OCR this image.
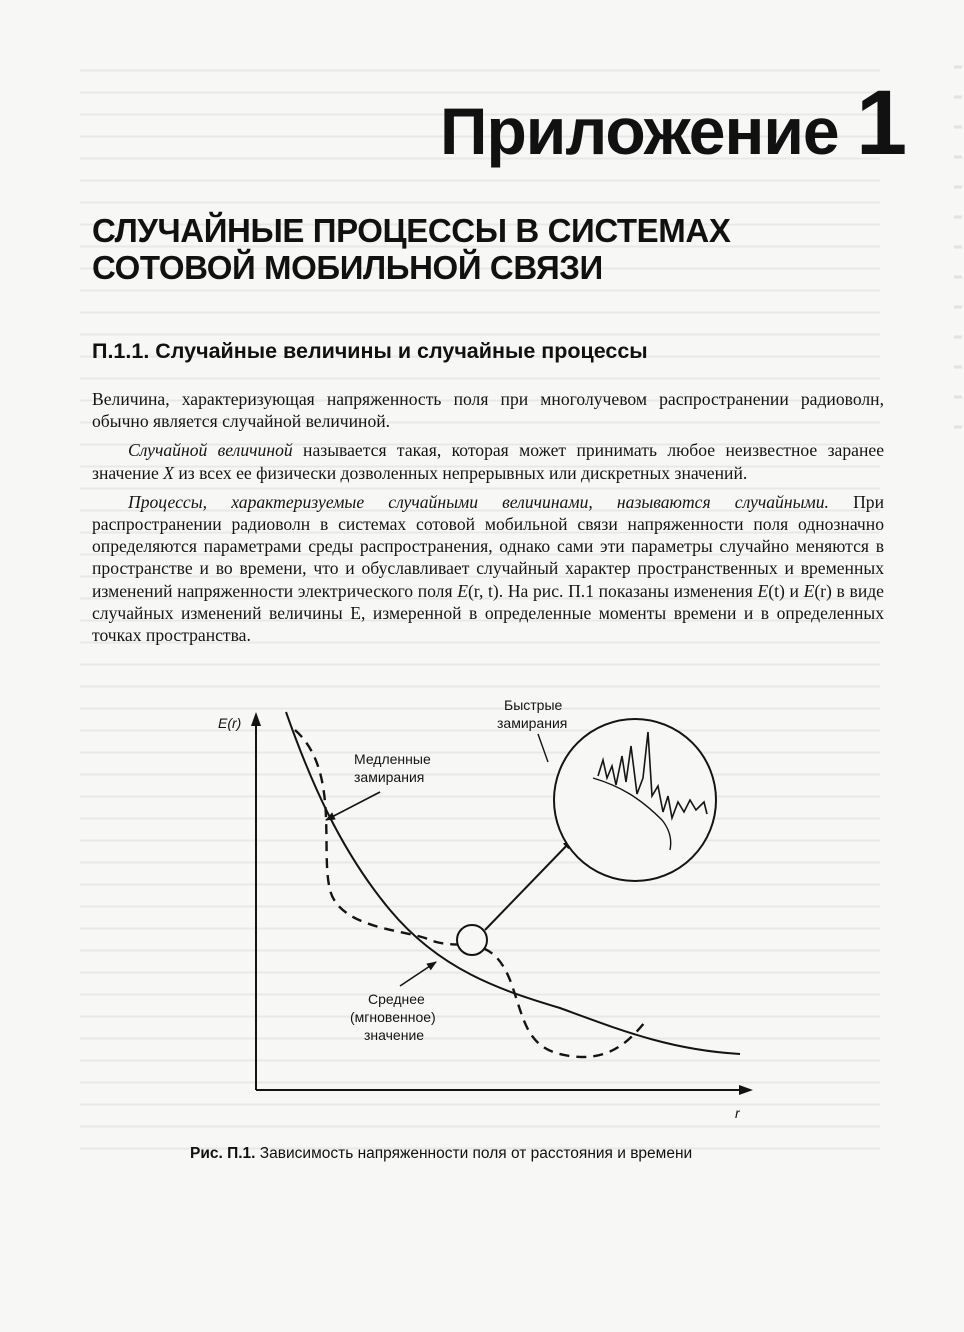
Приложение 1
СЛУЧАЙНЫЕ ПРОЦЕССЫ В СИСТЕМАХ
СОТОВОЙ МОБИЛЬНОЙ СВЯЗИ
П.1.1. Случайные величины и случайные процессы

Величина, характеризующая напряженность поля при многолучевом распространении радиоволн, обычно является случайной величиной.

Случайной величиной называется такая, которая может принимать любое неизвестное заранее значение X из всех ее физически дозволенных непрерывных или дискретных значений.

Процессы, характеризуемые случайными величинами, называются случайными. При распространении радиоволн в системах сотовой мобильной связи напряженности поля однозначно определяются параметрами среды распространения, однако сами эти параметры случайно меняются в пространстве и во времени, что и обуславливает случайный характер пространственных и временных изменений напряженности электрического поля E(r, t). На рис. П.1 показаны изменения E(t) и E(r) в виде случайных изменений величины Е, измеренной в определенные моменты времени и в определенных точках пространства.

E(r)
r
Быстрые
замирания
Медленные
замирания
Среднее
(мгновенное)
значение
Рис. П.1. Зависимость напряженности поля от расстояния и времени
